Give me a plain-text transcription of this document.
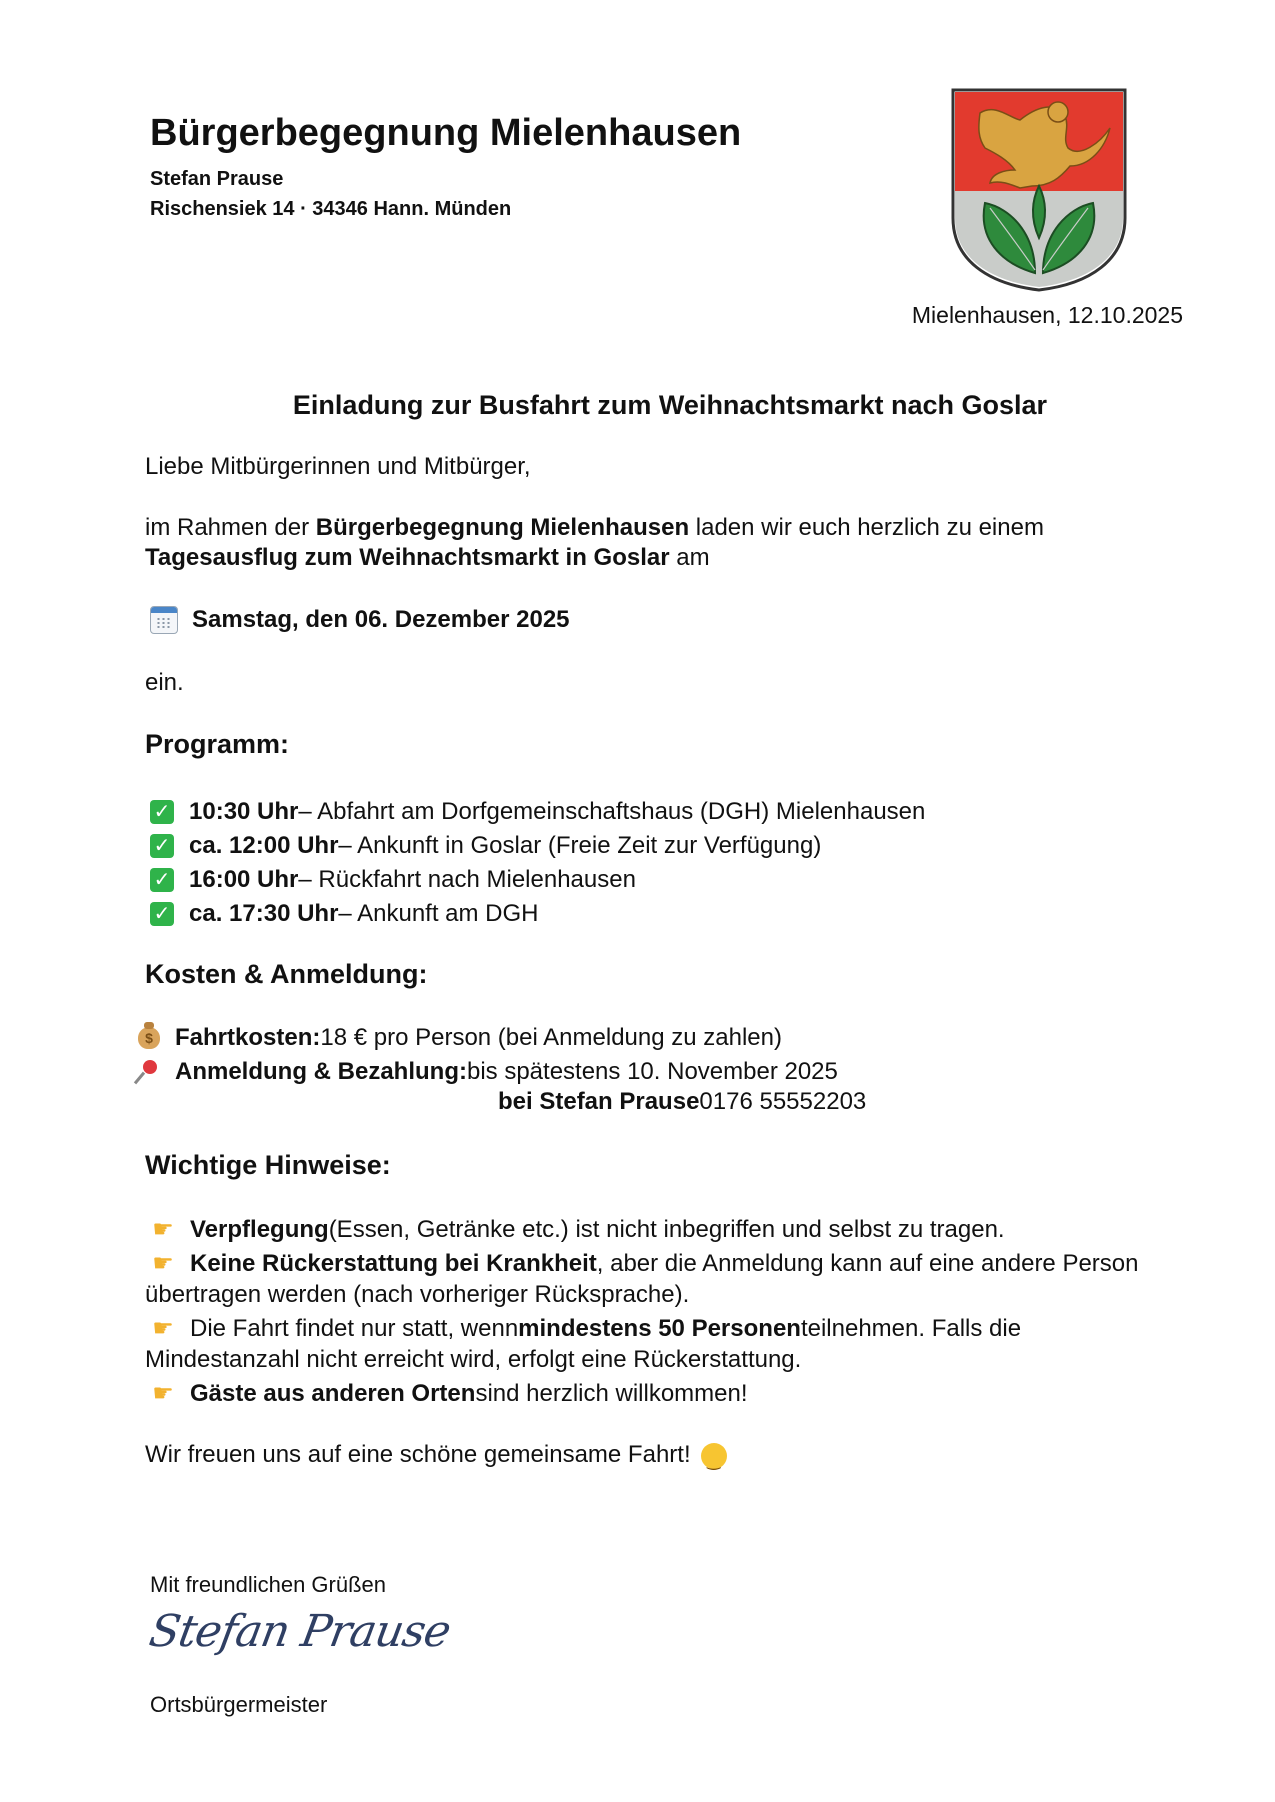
Bürgerbegegnung Mielenhausen
Stefan Prause
Rischensiek 14 · 34346 Hann. Münden
Mielenhausen, 12.10.2025
Einladung zur Busfahrt zum Weihnachtsmarkt nach Goslar
Liebe Mitbürgerinnen und Mitbürger,
im Rahmen der Bürgerbegegnung Mielenhausen laden wir euch herzlich zu einem
Tagesausflug zum Weihnachtsmarkt in Goslar am
Samstag, den 06. Dezember 2025
ein.
Programm:
✓ 10:30 Uhr – Abfahrt am Dorfgemeinschaftshaus (DGH) Mielenhausen
✓ ca. 12:00 Uhr – Ankunft in Goslar (Freie Zeit zur Verfügung)
✓ 16:00 Uhr – Rückfahrt nach Mielenhausen
✓ ca. 17:30 Uhr – Ankunft am DGH
Kosten & Anmeldung:
$
Fahrtkosten: 18 € pro Person (bei Anmeldung zu zahlen)
Anmeldung & Bezahlung: bis spätestens 10. November 2025
bei Stefan Prause 0176 55552203
Wichtige Hinweise:
☛ Verpflegung (Essen, Getränke etc.) ist nicht inbegriffen und selbst zu tragen.
☛ Keine Rückerstattung bei Krankheit , aber die Anmeldung kann auf eine andere Person
übertragen werden (nach vorheriger Rücksprache).
☛ Die Fahrt findet nur statt, wenn mindestens 50 Personen teilnehmen. Falls die
Mindestanzahl nicht erreicht wird, erfolgt eine Rückerstattung.
☛ Gäste aus anderen Orten sind herzlich willkommen!
Wir freuen uns auf eine schöne gemeinsame Fahrt!‿
Mit freundlichen Grüßen
Stefan Prause
Ortsbürgermeister
